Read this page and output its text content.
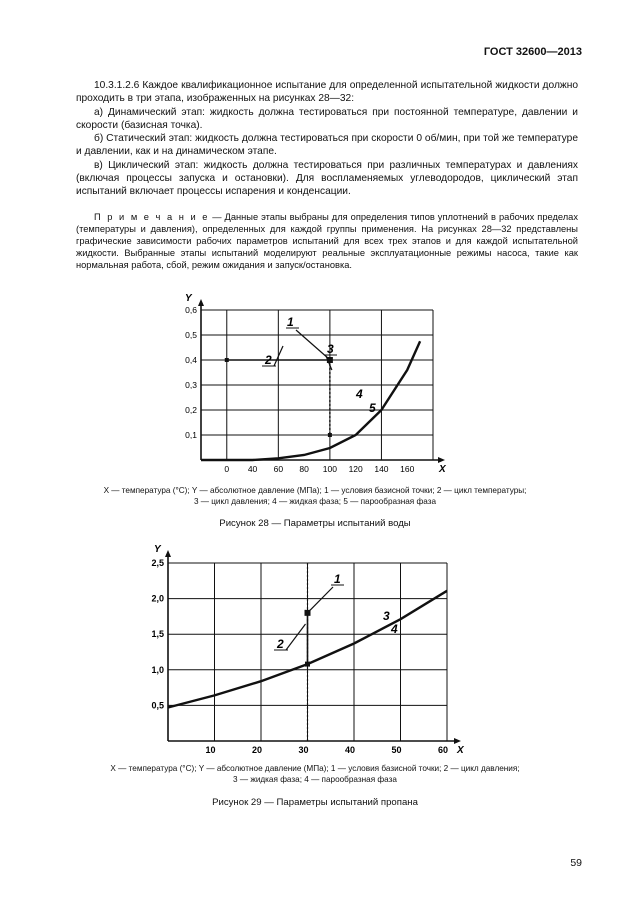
ГОСТ 32600—2013

10.3.1.2.6 Каждое квалификационное испытание для определенной испытательной жидкости должно проходить в три этапа, изображенных на рисунках 28—32:

а) Динамический этап: жидкость должна тестироваться при постоянной температуре, давлении и скорости (базисная точка).

б) Статический этап: жидкость должна тестироваться при скорости 0 об/мин, при той же температуре и давлении, как и на динамическом этапе.

в) Циклический этап: жидкость должна тестироваться при различных температурах и давлениях (включая процессы запуска и остановки). Для воспламеняемых углеводородов, циклический этап испытаний включает процессы испарения и конденсации.

П р и м е ч а н и е — Данные этапы выбраны для определения типов уплотнений в рабочих пределах (температуры и давления), определенных для каждой группы применения. На рисунках 28—32 представлены графические зависимости рабочих параметров испытаний для всех трех этапов и для каждой испытательной жидкости. Выбранные этапы испытаний моделируют реальные эксплуатационные режимы насоса, такие как нормальная работа, сбой, режим ожидания и запуск/остановка.
Y
0,1
0,2
0,3
0,4
0,5
0,6
0 40 60 80 100 120 140 160 X
1
2
3
4
5
Y
0,5
1,0
1,5
2,0
2,5
10	20	30	40	50	60 X
1
2
3
4
X — температура (°C); Y — абсолютное давление (МПа); 1 — условия базисной точки; 2 — цикл температуры;
3 — цикл давления; 4 — жидкая фаза; 5 — парообразная фаза
Рисунок 28 — Параметры испытаний воды
X — температура (°C); Y — абсолютное давление (МПа); 1 — условия базисной точки; 2 — цикл давления;
3 — жидкая фаза; 4 — парообразная фаза
Рисунок 29 — Параметры испытаний пропана
59
